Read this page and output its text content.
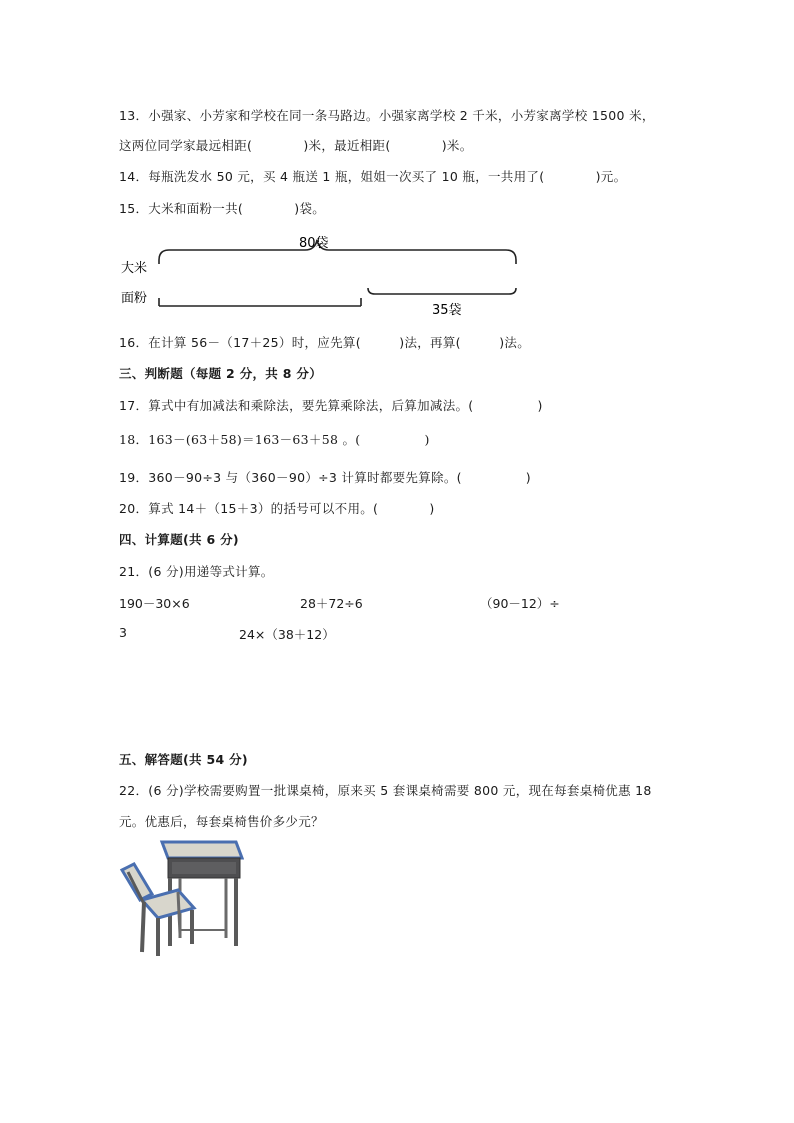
13．小强家、小芳家和学校在同一条马路边。小强家离学校 2 千米，小芳家离学校 1500 米，
这两位同学家最远相距(　　　　)米，最近相距(　　　　)米。
14．每瓶洗发水 50 元，买 4 瓶送 1 瓶，姐姐一次买了 10 瓶，一共用了(　　　　)元。
15．大米和面粉一共(　　　　)袋。
80袋
大米
面粉
35袋
16．在计算 56－（17＋25）时，应先算(　　　)法，再算(　　　)法。
三、判断题（每题 2 分，共 8 分）
17．算式中有加减法和乘除法，要先算乘除法，后算加减法。(　　　　　)
18．163－(63＋58)＝163－63＋58 。(　　　　　)
19．360－90÷3 与（360－90）÷3 计算时都要先算除。(　　　　　)
20．算式 14＋（15＋3）的括号可以不用。(　　　　)
四、计算题(共 6 分)
21．(6 分)用递等式计算。
190－30×6	28＋72÷6	（90－12）÷
3	24×（38＋12）
五、解答题(共 54 分)
22．(6 分)学校需要购置一批课桌椅，原来买 5 套课桌椅需要 800 元，现在每套桌椅优惠 18
元。优惠后，每套桌椅售价多少元？
